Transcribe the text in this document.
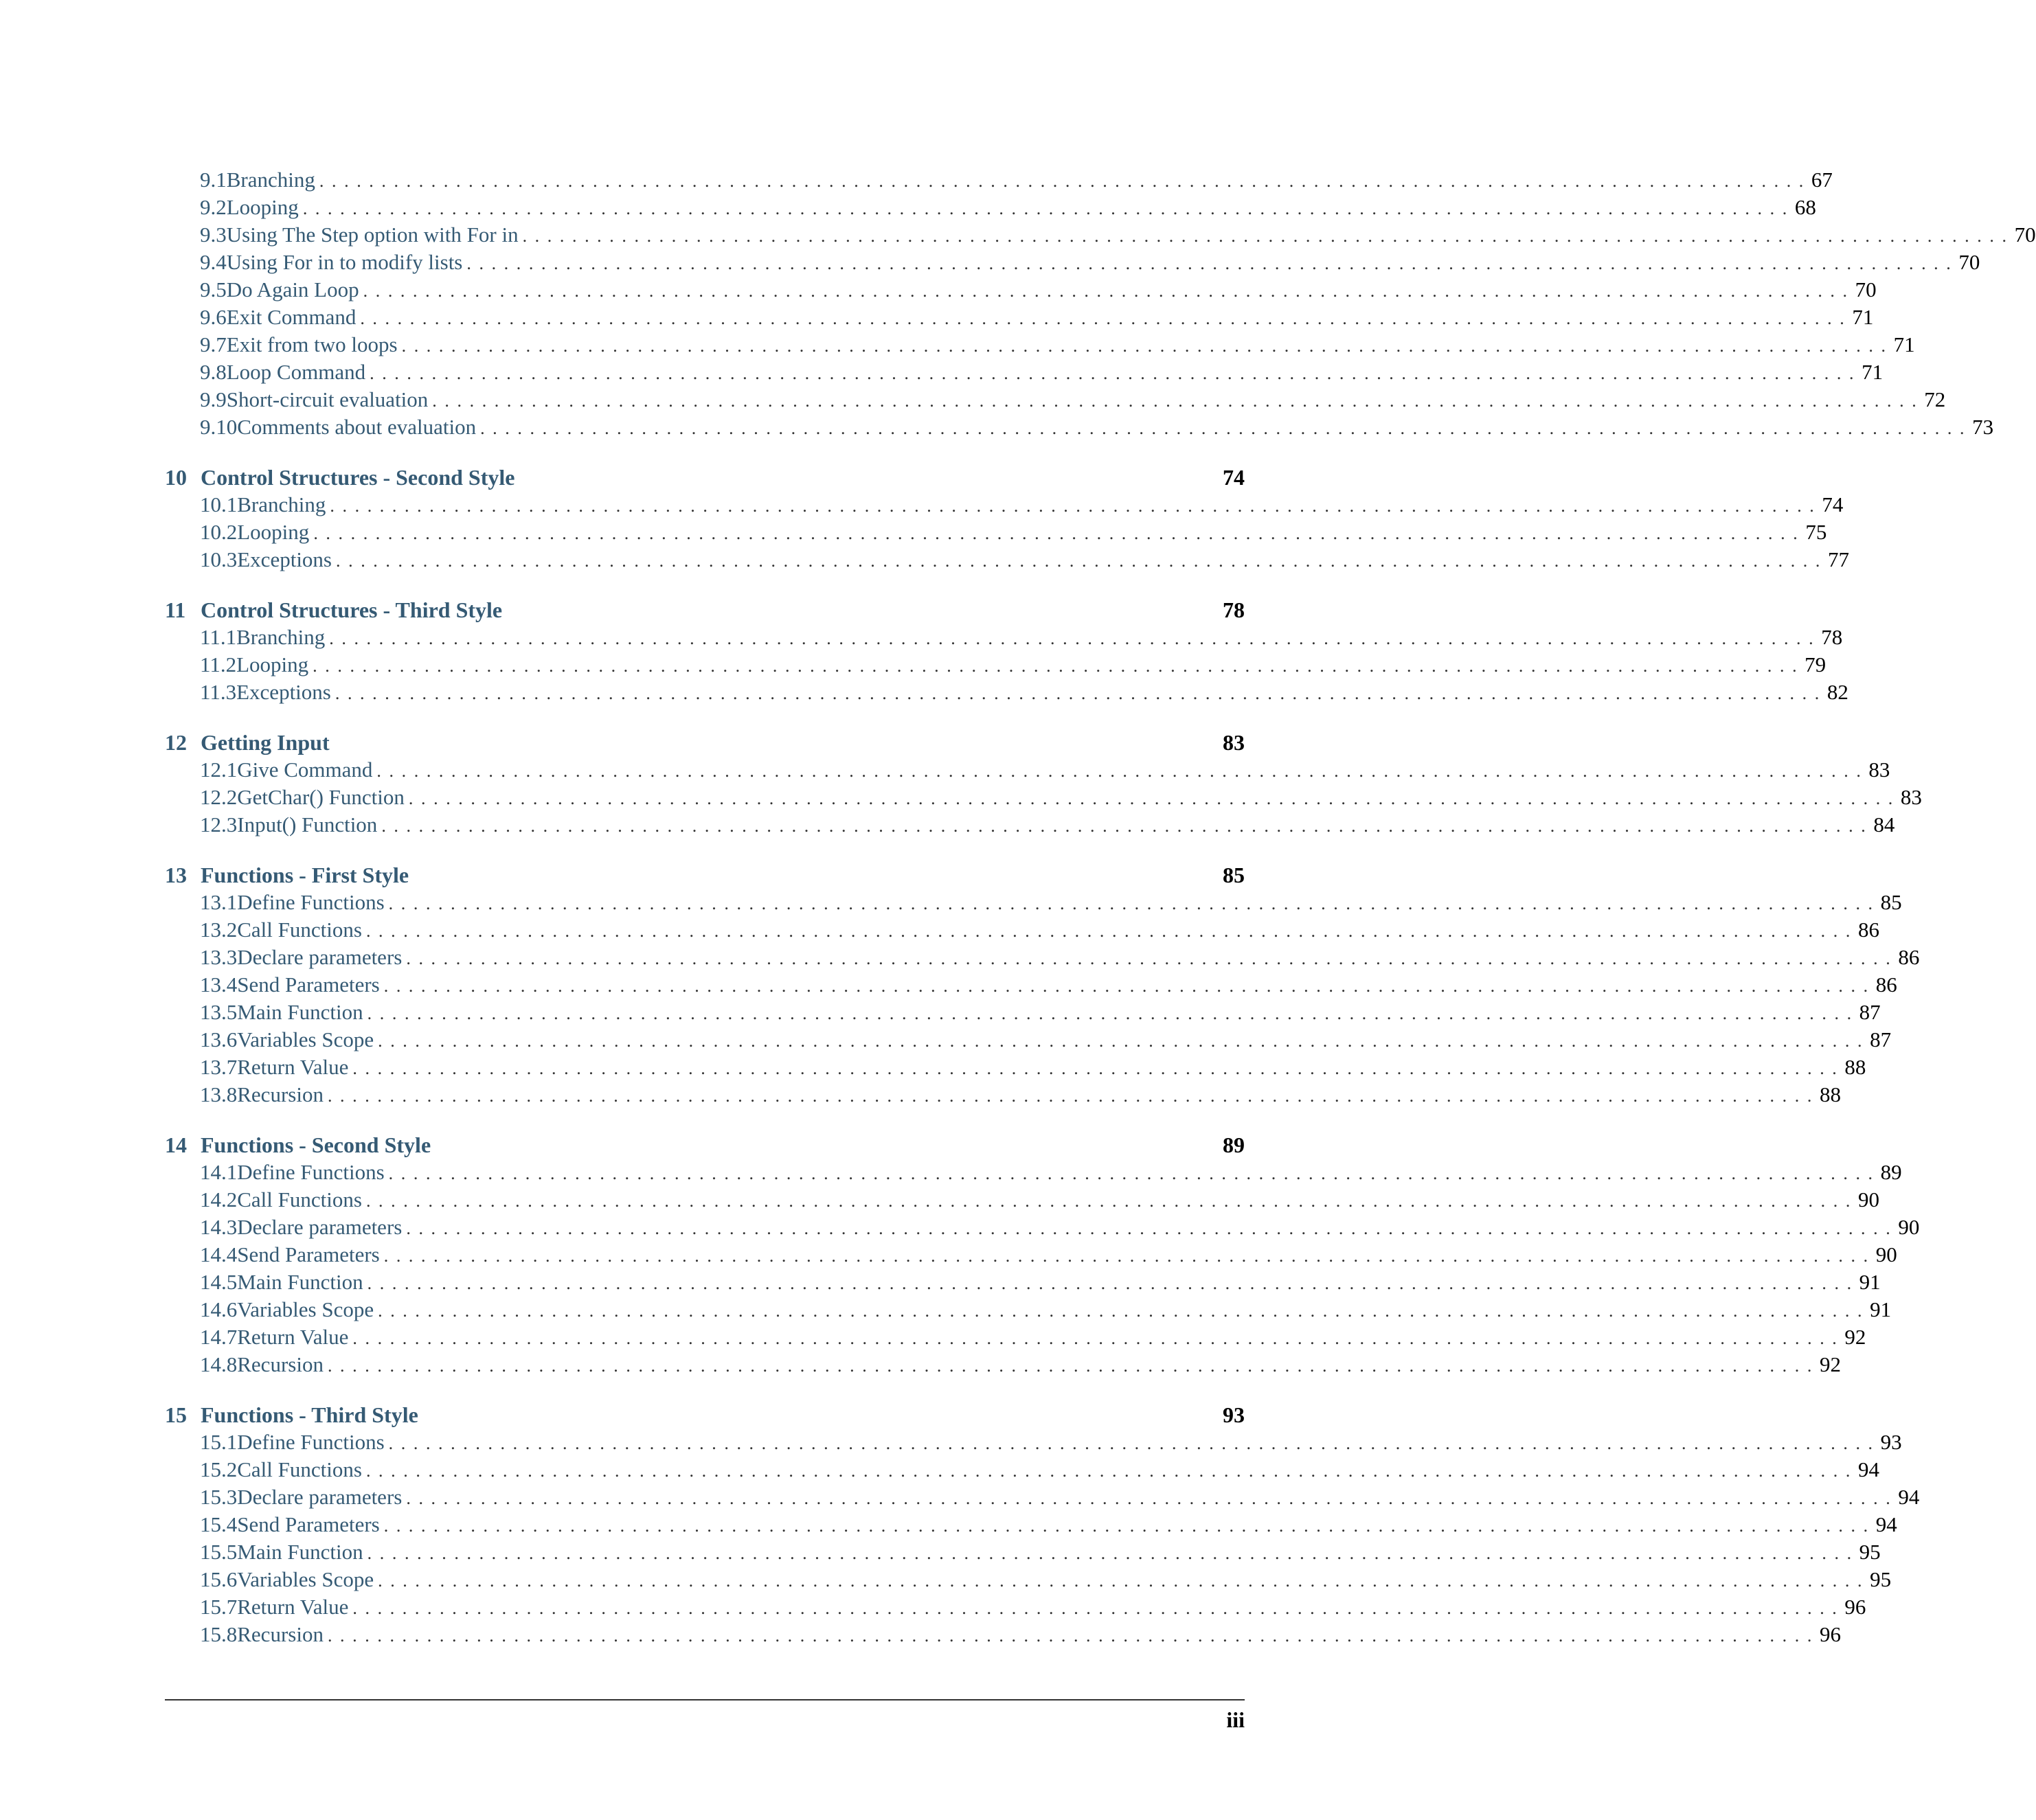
9.1 Branching ........................................................................................................................ 67
9.2 Looping ........................................................................................................................ 68
9.3 Using The Step option with For in ........................................................................................................................ 70
9.4 Using For in to modify lists ........................................................................................................................ 70
9.5 Do Again Loop ........................................................................................................................ 70
9.6 Exit Command ........................................................................................................................ 71
9.7 Exit from two loops ........................................................................................................................ 71
9.8 Loop Command ........................................................................................................................ 71
9.9 Short-circuit evaluation ........................................................................................................................ 72
9.10 Comments about evaluation ........................................................................................................................ 73
10 Control Structures - Second Style	74
10.1 Branching ........................................................................................................................ 74
10.2 Looping ........................................................................................................................ 75
10.3 Exceptions ........................................................................................................................ 77
11 Control Structures - Third Style	78
11.1 Branching ........................................................................................................................ 78
11.2 Looping ........................................................................................................................ 79
11.3 Exceptions ........................................................................................................................ 82
12 Getting Input	83
12.1 Give Command ........................................................................................................................ 83
12.2 GetChar() Function ........................................................................................................................ 83
12.3 Input() Function ........................................................................................................................ 84
13 Functions - First Style	85
13.1 Define Functions ........................................................................................................................ 85
13.2 Call Functions ........................................................................................................................ 86
13.3 Declare parameters ........................................................................................................................ 86
13.4 Send Parameters ........................................................................................................................ 86
13.5 Main Function ........................................................................................................................ 87
13.6 Variables Scope ........................................................................................................................ 87
13.7 Return Value ........................................................................................................................ 88
13.8 Recursion ........................................................................................................................ 88
14 Functions - Second Style	89
14.1 Define Functions ........................................................................................................................ 89
14.2 Call Functions ........................................................................................................................ 90
14.3 Declare parameters ........................................................................................................................ 90
14.4 Send Parameters ........................................................................................................................ 90
14.5 Main Function ........................................................................................................................ 91
14.6 Variables Scope ........................................................................................................................ 91
14.7 Return Value ........................................................................................................................ 92
14.8 Recursion ........................................................................................................................ 92
15 Functions - Third Style	93
15.1 Define Functions ........................................................................................................................ 93
15.2 Call Functions ........................................................................................................................ 94
15.3 Declare parameters ........................................................................................................................ 94
15.4 Send Parameters ........................................................................................................................ 94
15.5 Main Function ........................................................................................................................ 95
15.6 Variables Scope ........................................................................................................................ 95
15.7 Return Value ........................................................................................................................ 96
15.8 Recursion ........................................................................................................................ 96
iii
